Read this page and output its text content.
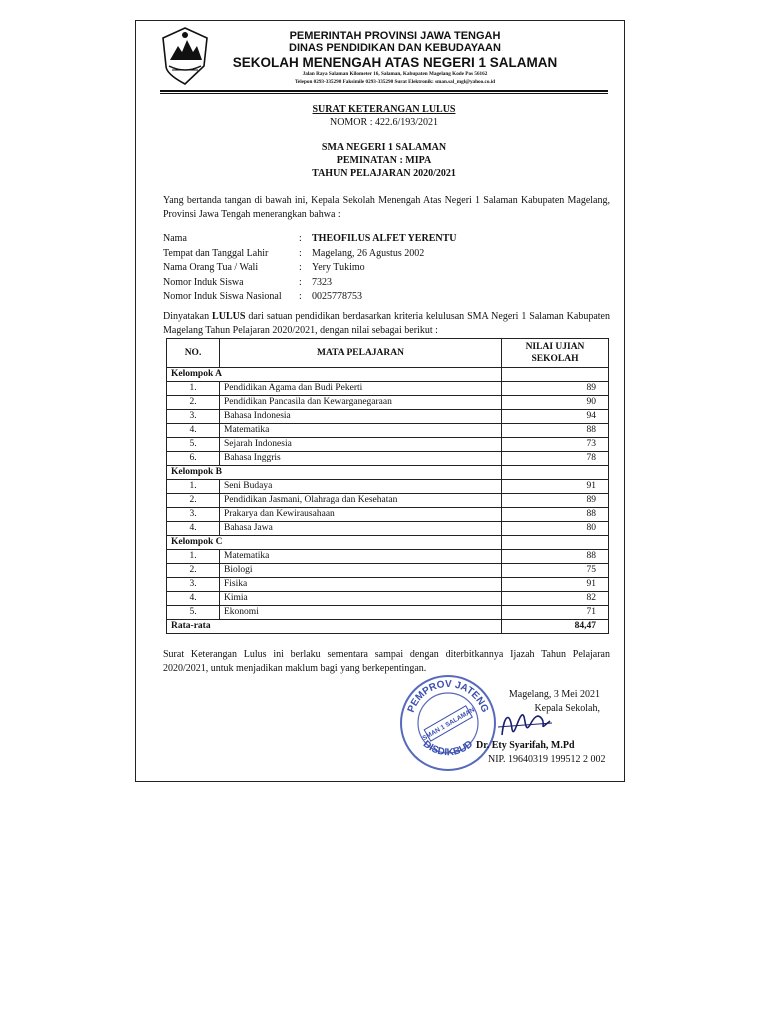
PEMERINTAH PROVINSI JAWA TENGAH
DINAS PENDIDIKAN DAN KEBUDAYAAN
SEKOLAH MENENGAH ATAS NEGERI 1 SALAMAN
Jalan Raya Salaman Kilometer 16, Salaman, Kabupaten Magelang Kode Pos 56162
Telepon 0293-335290 Faksimile 0293-335290 Surat Elektronik: sman.sal_mgl@yahoo.co.id
SURAT KETERANGAN LULUS
NOMOR : 422.6/193/2021
SMA NEGERI 1 SALAMAN
PEMINATAN : MIPA
TAHUN PELAJARAN 2020/2021
Yang bertanda tangan di bawah ini, Kepala Sekolah Menengah Atas Negeri 1 Salaman Kabupaten Magelang, Provinsi Jawa Tengah menerangkan bahwa :
Nama	:	THEOFILUS ALFET YERENTU
Tempat dan Tanggal Lahir	:	Magelang, 26 Agustus 2002
Nama Orang Tua / Wali	:	Yery Tukimo
Nomor Induk Siswa	:	7323
Nomor Induk Siswa Nasional	:	0025778753
Dinyatakan LULUS dari satuan pendidikan berdasarkan kriteria kelulusan SMA Negeri 1 Salaman Kabupaten Magelang Tahun Pelajaran 2020/2021, dengan nilai sebagai berikut :
NO.	MATA PELAJARAN	NILAI UJIAN SEKOLAH
Kelompok A		
1.	Pendidikan Agama dan Budi Pekerti	89
2.	Pendidikan Pancasila dan Kewarganegaraan	90
3.	Bahasa Indonesia	94
4.	Matematika	88
5.	Sejarah Indonesia	73
6.	Bahasa Inggris	78
Kelompok B		
1.	Seni Budaya	91
2.	Pendidikan Jasmani, Olahraga dan Kesehatan	89
3.	Prakarya dan Kewirausahaan	88
4.	Bahasa Jawa	80
Kelompok C		
1.	Matematika	88
2.	Biologi	75
3.	Fisika	91
4.	Kimia	82
5.	Ekonomi	71
Rata-rata		84,47
Surat Keterangan Lulus ini berlaku sementara sampai dengan diterbitkannya Ijazah Tahun Pelajaran 2020/2021, untuk menjadikan maklum bagi yang berkepentingan.
PEMPROV JATENG
DISDIKBUD
SMAN 1 SALAMAN
Magelang, 3 Mei 2021
Kepala Sekolah,
Dr. Ety Syarifah, M.Pd
NIP. 19640319 199512 2 002
